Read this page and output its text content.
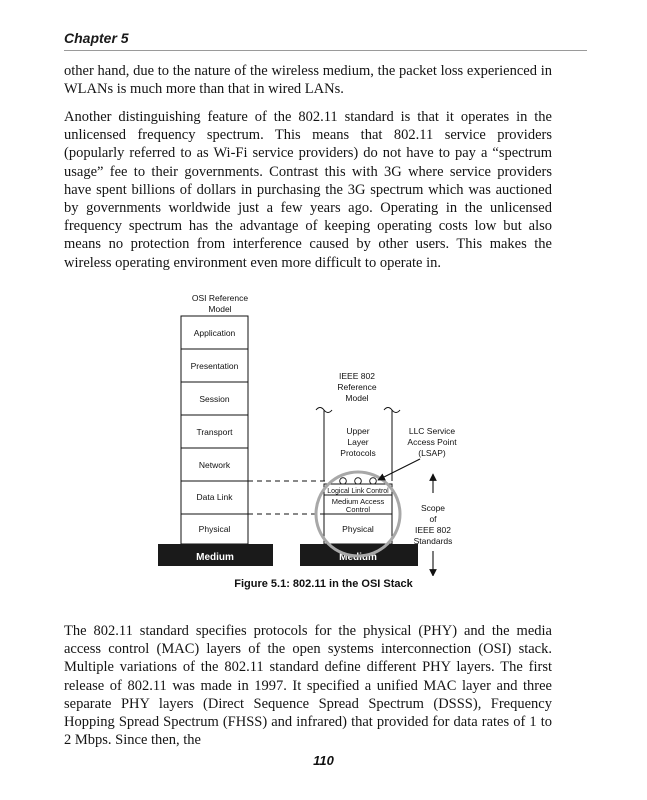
Chapter 5

other hand, due to the nature of the wireless medium, the packet loss experienced in WLANs is much more than that in wired LANs.

Another distinguishing feature of the 802.11 standard is that it operates in the unlicensed frequency spectrum. This means that 802.11 service providers (popularly referred to as Wi-Fi service providers) do not have to pay a “spectrum usage” fee to their governments. Contrast this with 3G where service providers have spent billions of dollars in purchasing the 3G spectrum which was auctioned by governments worldwide just a few years ago. Operating in the unlicensed frequency spectrum has the advantage of keeping operating costs low but also means no protection from interference caused by other users. This makes the wireless operating environment even more difficult to operate in.

OSI Reference Model
Application
Presentation
Session
Transport
Network
Data Link
Physical
Medium
IEEE 802 Reference Model
Upper Layer Protocols
Logical Link Control
Medium Access Control
Physical
Medium
LLC Service Access Point (LSAP)
Scope of IEEE 802 Standards
Figure 5.1: 802.11 in the OSI Stack

The 802.11 standard specifies protocols for the physical (PHY) and the media access control (MAC) layers of the open systems interconnection (OSI) stack. Multiple variations of the 802.11 standard define different PHY layers. The first release of 802.11 was made in 1997. It specified a unified MAC layer and three separate PHY layers (Direct Sequence Spread Spectrum (DSSS), Frequency Hopping Spread Spectrum (FHSS) and infrared) that provided for data rates of 1 to 2 Mbps. Since then, the

110
